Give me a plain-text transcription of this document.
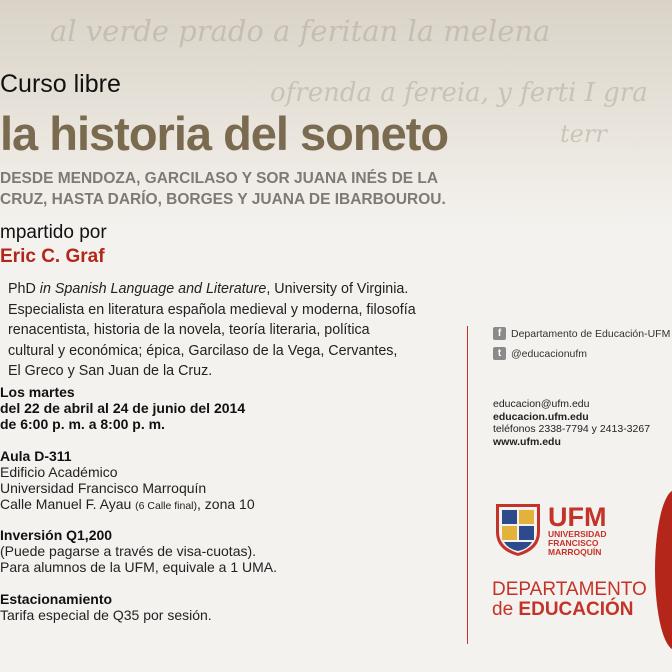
al verde prado a feritan la melena
ofrenda a fereia, y ferti I gra
terr
Curso libre
la historia del soneto
DESDE MENDOZA, GARCILASO Y SOR JUANA INÉS DE LA
CRUZ, HASTA DARÍO, BORGES Y JUANA DE IBARBOUROU.
mpartido por
Eric C. Graf
PhD in Spanish Language and Literature, University of Virginia.
Especialista en literatura española medieval y moderna, filosofía
renacentista, historia de la novela, teoría literaria, política
cultural y económica; épica, Garcilaso de la Vega, Cervantes,
El Greco y San Juan de la Cruz.
Los martes
del 22 de abril al 24 de junio del 2014
de 6:00 p. m. a 8:00 p. m.
Aula D-311
Edificio Académico
Universidad Francisco Marroquín
Calle Manuel F. Ayau (6 Calle final), zona 10
Inversión Q1,200
(Puede pagarse a través de visa-cuotas).
Para alumnos de la UFM, equivale a 1 UMA.
Estacionamiento
Tarifa especial de Q35 por sesión.
f Departamento de Educación-UFM
t @educacionufm
educacion@ufm.edu
educacion.ufm.edu
teléfonos 2338-7794 y 2413-3267
www.ufm.edu
UFM
UNIVERSIDAD
FRANCISCO
MARROQUÍN
DEPARTAMENTO
de EDUCACIÓN
